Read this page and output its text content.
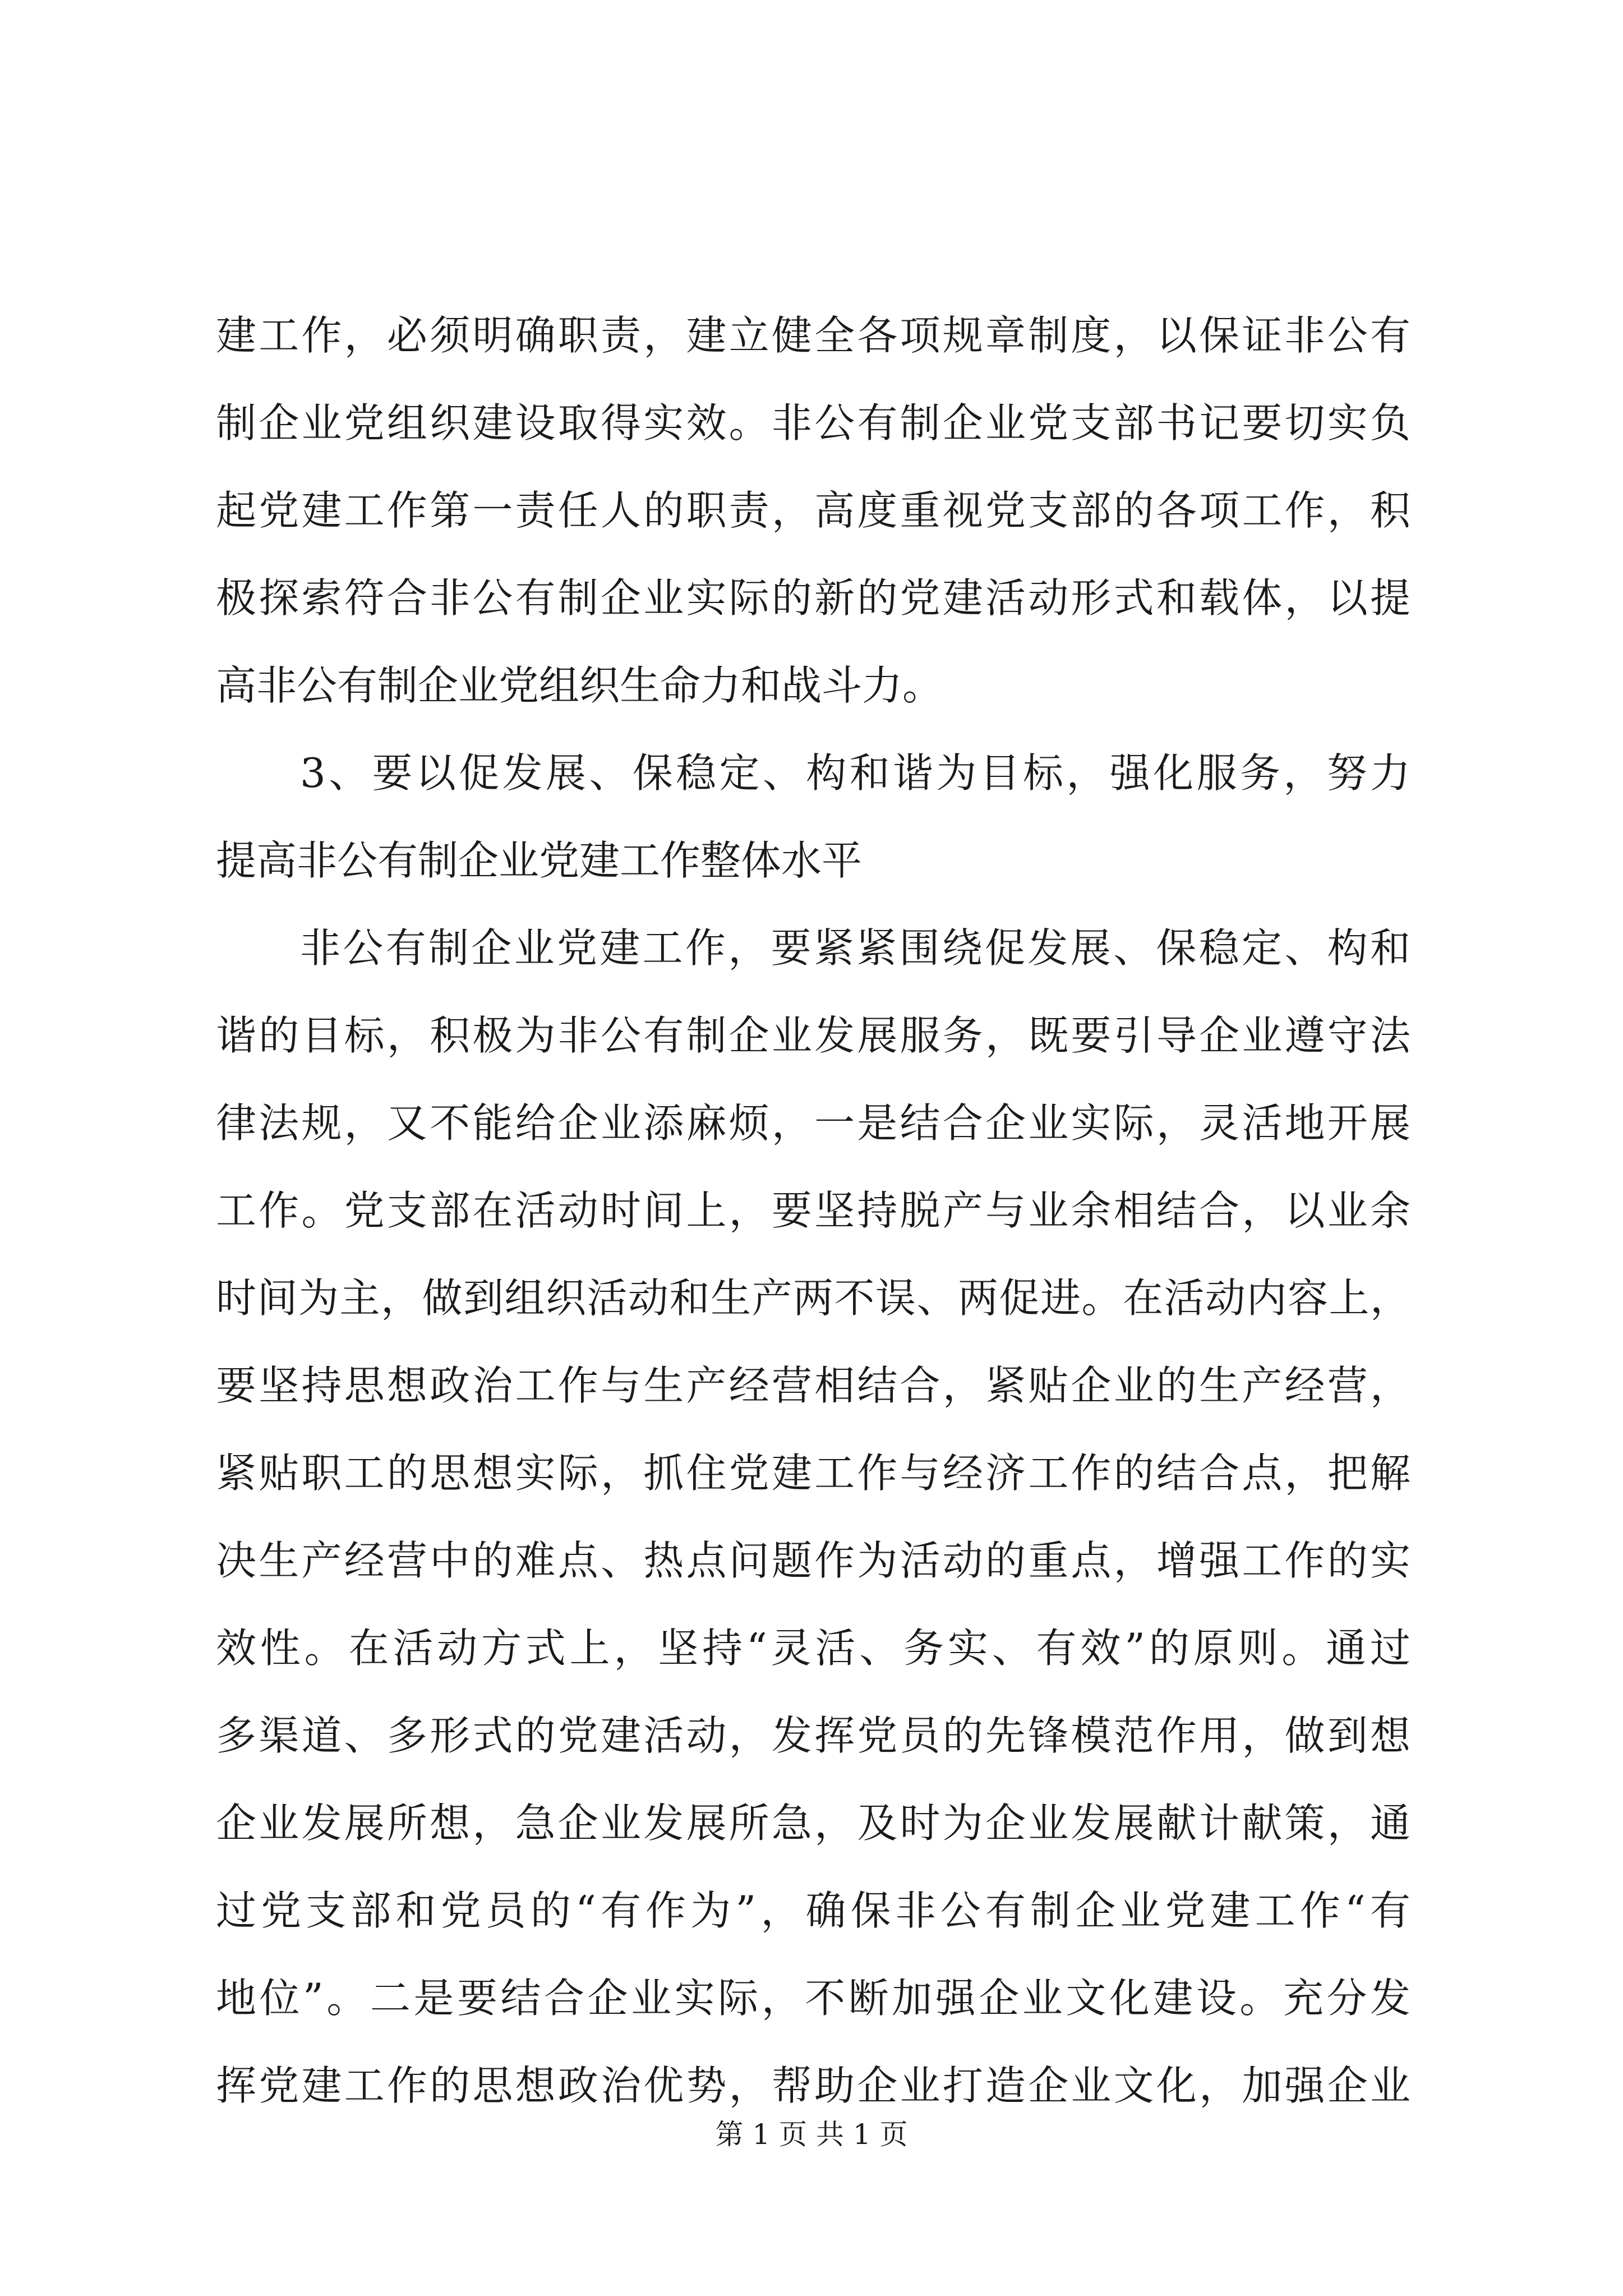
建工作，必须明确职责，建立健全各项规章制度，以保证非公有
制企业党组织建设取得实效。非公有制企业党支部书记要切实负
起党建工作第一责任人的职责，高度重视党支部的各项工作，积
极探索符合非公有制企业实际的新的党建活动形式和载体，以提
高非公有制企业党组织生命力和战斗力。
3、要以促发展、保稳定、构和谐为目标，强化服务，努力
提高非公有制企业党建工作整体水平
非公有制企业党建工作，要紧紧围绕促发展、保稳定、构和
谐的目标，积极为非公有制企业发展服务，既要引导企业遵守法
律法规，又不能给企业添麻烦，一是结合企业实际，灵活地开展
工作。党支部在活动时间上，要坚持脱产与业余相结合，以业余
时间为主，做到组织活动和生产两不误、两促进。在活动内容上，
要坚持思想政治工作与生产经营相结合，紧贴企业的生产经营，
紧贴职工的思想实际，抓住党建工作与经济工作的结合点，把解
决生产经营中的难点、热点问题作为活动的重点，增强工作的实
效性。在活动方式上，坚持“灵活、务实、有效”的原则。通过
多渠道、多形式的党建活动，发挥党员的先锋模范作用，做到想
企业发展所想，急企业发展所急，及时为企业发展献计献策，通
过党支部和党员的“有作为”，确保非公有制企业党建工作“有
地位”。二是要结合企业实际，不断加强企业文化建设。充分发
挥党建工作的思想政治优势，帮助企业打造企业文化，加强企业
第 1 页 共 1 页
